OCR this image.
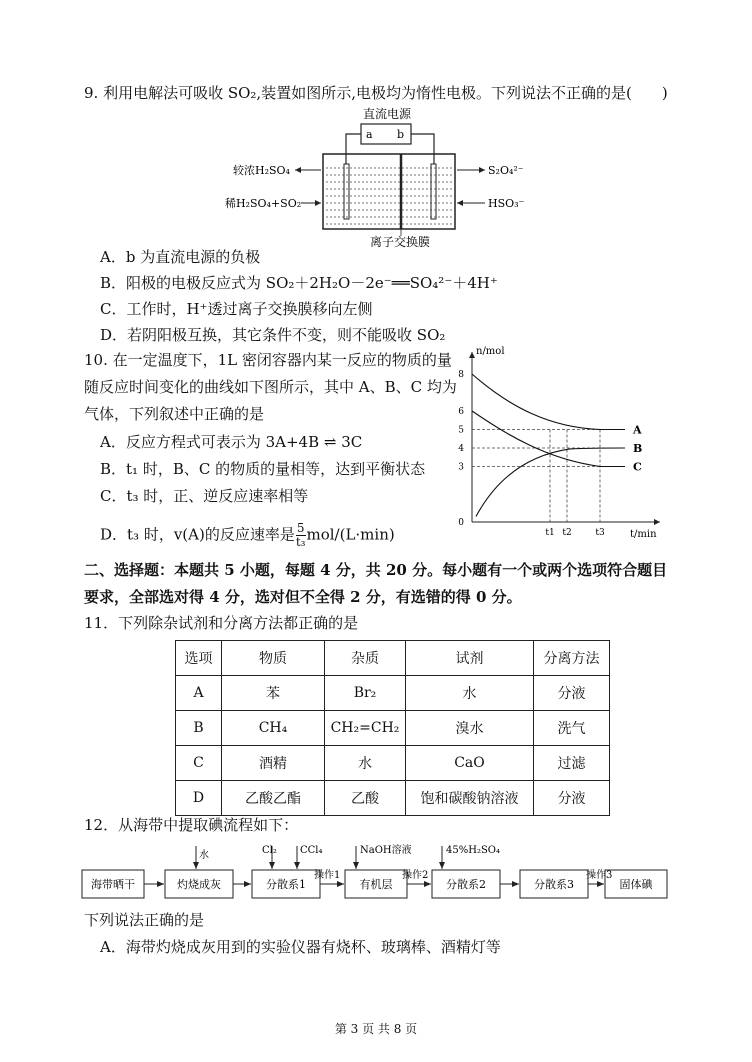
9. 利用电解法可吸收 SO₂,装置如图所示,电极均为惰性电极。下列说法不正确的是(　　)
直流电源
a b
较浓H₂SO₄
稀H₂SO₄+SO₂
S₂O₄²⁻
HSO₃⁻
离子交换膜
A．b 为直流电源的负极
B．阳极的电极反应式为 SO₂＋2H₂O－2e⁻══SO₄²⁻＋4H⁺
C．工作时，H⁺透过离子交换膜移向左侧
D．若阴阳极互换，其它条件不变，则不能吸收 SO₂
10. 在一定温度下，1L 密闭容器内某一反应的物质的量
随反应时间变化的曲线如下图所示，其中 A、B、C 均为
气体，下列叙述中正确的是
A．反应方程式可表示为 3A+4B ⇌ 3C
B．t₁ 时，B、C 的物质的量相等，达到平衡状态
C．t₃ 时，正、逆反应速率相等
D．t₃ 时，v(A)的反应速率是 $\frac{5}{\text{t₃}} mol/(L\cdot\min)$
n/mol
t/min
0
3
4
5
6
8
t1 t2	t3
A
B
C
二、选择题：本题共 5 小题，每题 4 分，共 20 分。每小题有一个或两个选项符合题目
要求，全部选对得 4 分，选对但不全得 2 分，有选错的得 0 分。
11．下列除杂试剂和分离方法都正确的是
选项	物质	杂质	试剂	分离方法
A	苯	Br₂	水	分液
B	CH₄	CH₂=CH₂	溴水	洗气
C	酒精	水	CaO	过滤
D	乙酸乙酯	乙酸	饱和碳酸钠溶液	分液
12．从海带中提取碘流程如下：
海带晒干	灼烧成灰	分散系1	有机层	分散系2	分散系3	固体碘
水	Cl₂ CCl₄	NaOH溶液	45%H₂SO₄
操作1	操作2	操作3
下列说法正确的是
A．海带灼烧成灰用到的实验仪器有烧杯、玻璃棒、酒精灯等
第 3 页 共 8 页
